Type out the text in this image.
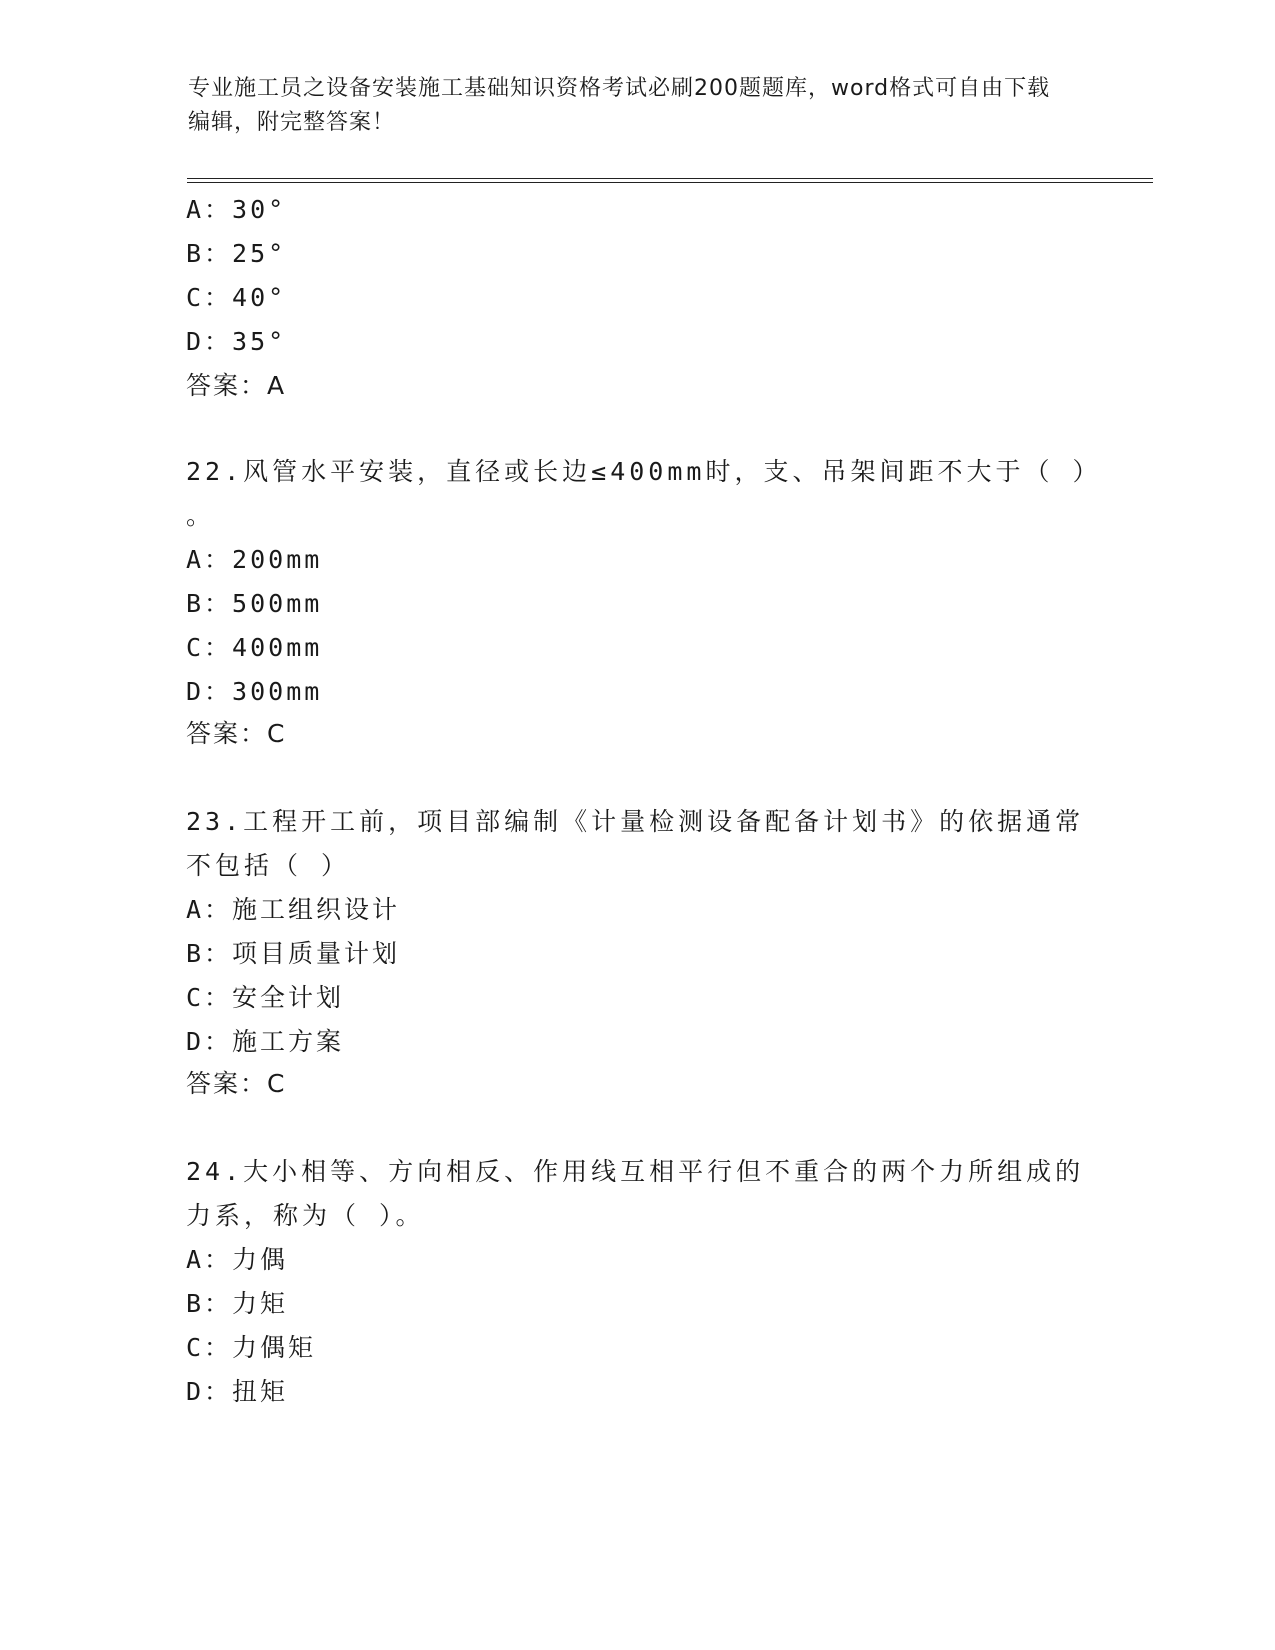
专业施工员之设备安装施工基础知识资格考试必刷200题题库，word格式可自由下载编辑，附完整答案！
A：30°
B：25°
C：40°
D：35°
答案：A
22.风管水平安装，直径或长边≤400mm时，支、吊架间距不大于（ ）
。
A：200mm
B：500mm
C：400mm
D：300mm
答案：C
23.工程开工前，项目部编制《计量检测设备配备计划书》的依据通常
不包括（ ）
A：施工组织设计
B：项目质量计划
C：安全计划
D：施工方案
答案：C
24.大小相等、方向相反、作用线互相平行但不重合的两个力所组成的
力系，称为（ ）。
A：力偶
B：力矩
C：力偶矩
D：扭矩
